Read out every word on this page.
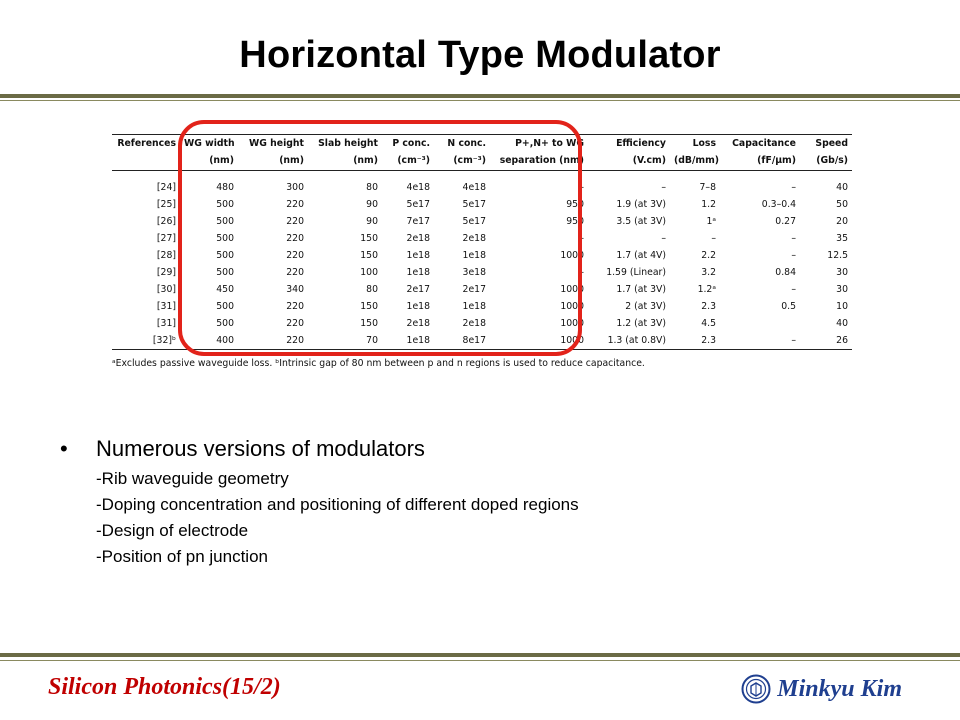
Horizontal Type Modulator
References	WG width	WG height	Slab height	P conc.	N conc.	P+,N+ to WG	Efficiency	Loss	Capacitance	Speed
	(nm)	(nm)	(nm)	(cm⁻³)	(cm⁻³)	separation (nm)	(V.cm)	(dB/mm)	(fF/μm)	(Gb/s)
[24]	480	300	80	4e18	4e18	–	–	7–8	–	40
[25]	500	220	90	5e17	5e17	950	1.9 (at 3V)	1.2	0.3–0.4	50
[26]	500	220	90	7e17	5e17	950	3.5 (at 3V)	1ᵃ	0.27	20
[27]	500	220	150	2e18	2e18	–	–	–	–	35
[28]	500	220	150	1e18	1e18	1000	1.7 (at 4V)	2.2	–	12.5
[29]	500	220	100	1e18	3e18	–	1.59 (Linear)	3.2	0.84	30
[30]	450	340	80	2e17	2e17	1000	1.7 (at 3V)	1.2ᵃ	–	30
[31]	500	220	150	1e18	1e18	1000	2 (at 3V)	2.3	0.5	10
[31]	500	220	150	2e18	2e18	1000	1.2 (at 3V)	4.5		40
[32]ᵇ	400	220	70	1e18	8e17	1000	1.3 (at 0.8V)	2.3	–	26
ᵃExcludes passive waveguide loss. ᵇIntrinsic gap of 80 nm between p and n regions is used to reduce capacitance.
•	Numerous versions of modulators
-Rib waveguide geometry
-Doping concentration and positioning of different doped regions
-Design of electrode
-Position of pn junction
Silicon Photonics(15/2)	Minkyu Kim
